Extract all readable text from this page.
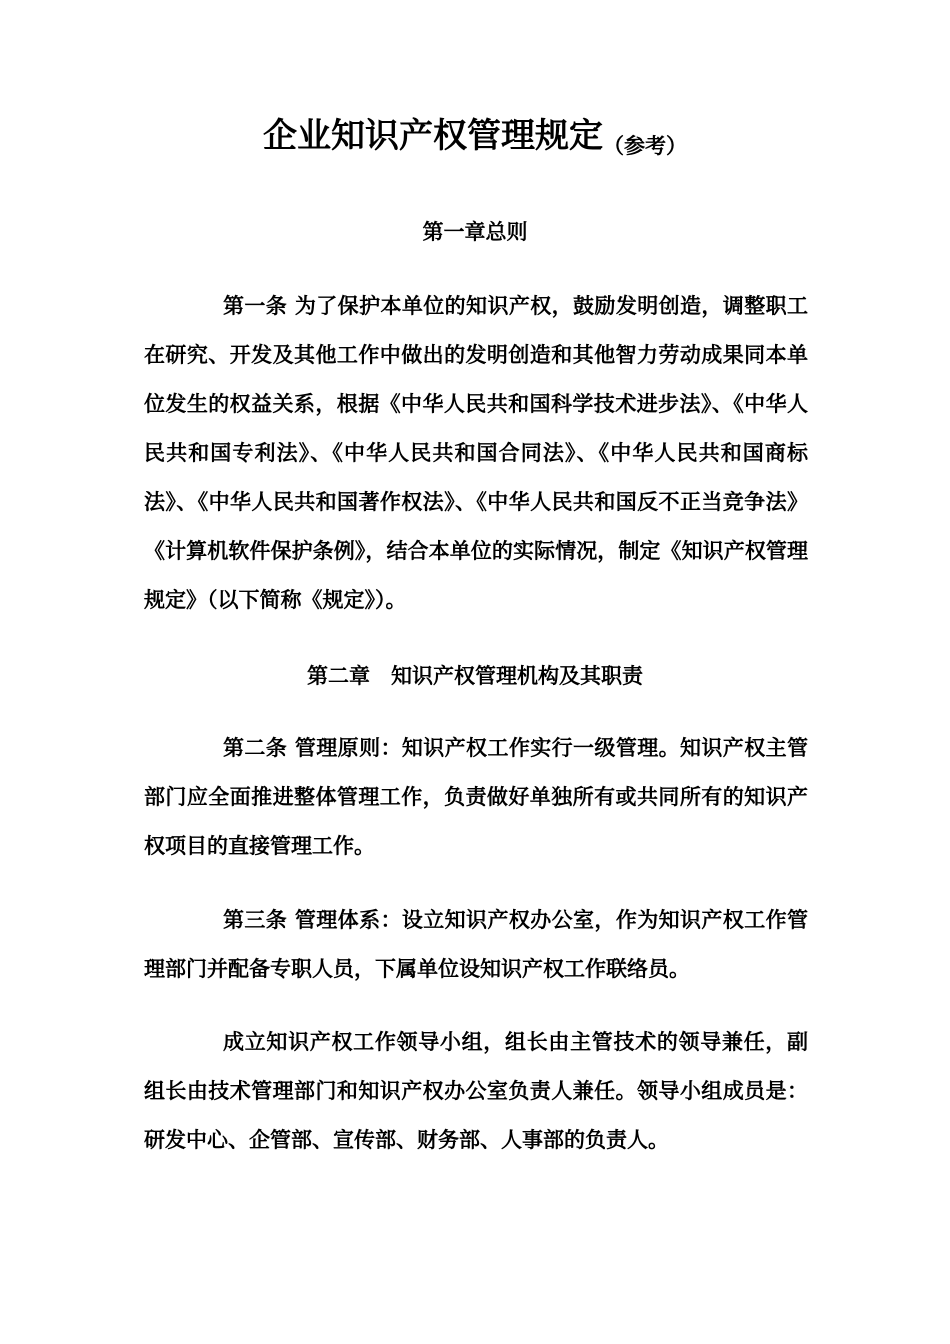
企业知识产权管理规定（参考）
第一章总则
第一条 为了保护本单位的知识产权，鼓励发明创造，调整职工在研究、开发及其他工作中做出的发明创造和其他智力劳动成果同本单位发生的权益关系，根据《中华人民共和国科学技术进步法》、《中华人民共和国专利法》、《中华人民共和国合同法》、《中华人民共和国商标法》、《中华人民共和国著作权法》、《中华人民共和国反不正当竞争法》《计算机软件保护条例》，结合本单位的实际情况，制定《知识产权管理规定》（以下简称《规定》）。
第二章　知识产权管理机构及其职责
第二条 管理原则：知识产权工作实行一级管理。知识产权主管部门应全面推进整体管理工作，负责做好单独所有或共同所有的知识产权项目的直接管理工作。
第三条 管理体系：设立知识产权办公室，作为知识产权工作管理部门并配备专职人员，下属单位设知识产权工作联络员。
成立知识产权工作领导小组，组长由主管技术的领导兼任，副组长由技术管理部门和知识产权办公室负责人兼任。领导小组成员是：研发中心、企管部、宣传部、财务部、人事部的负责人。
